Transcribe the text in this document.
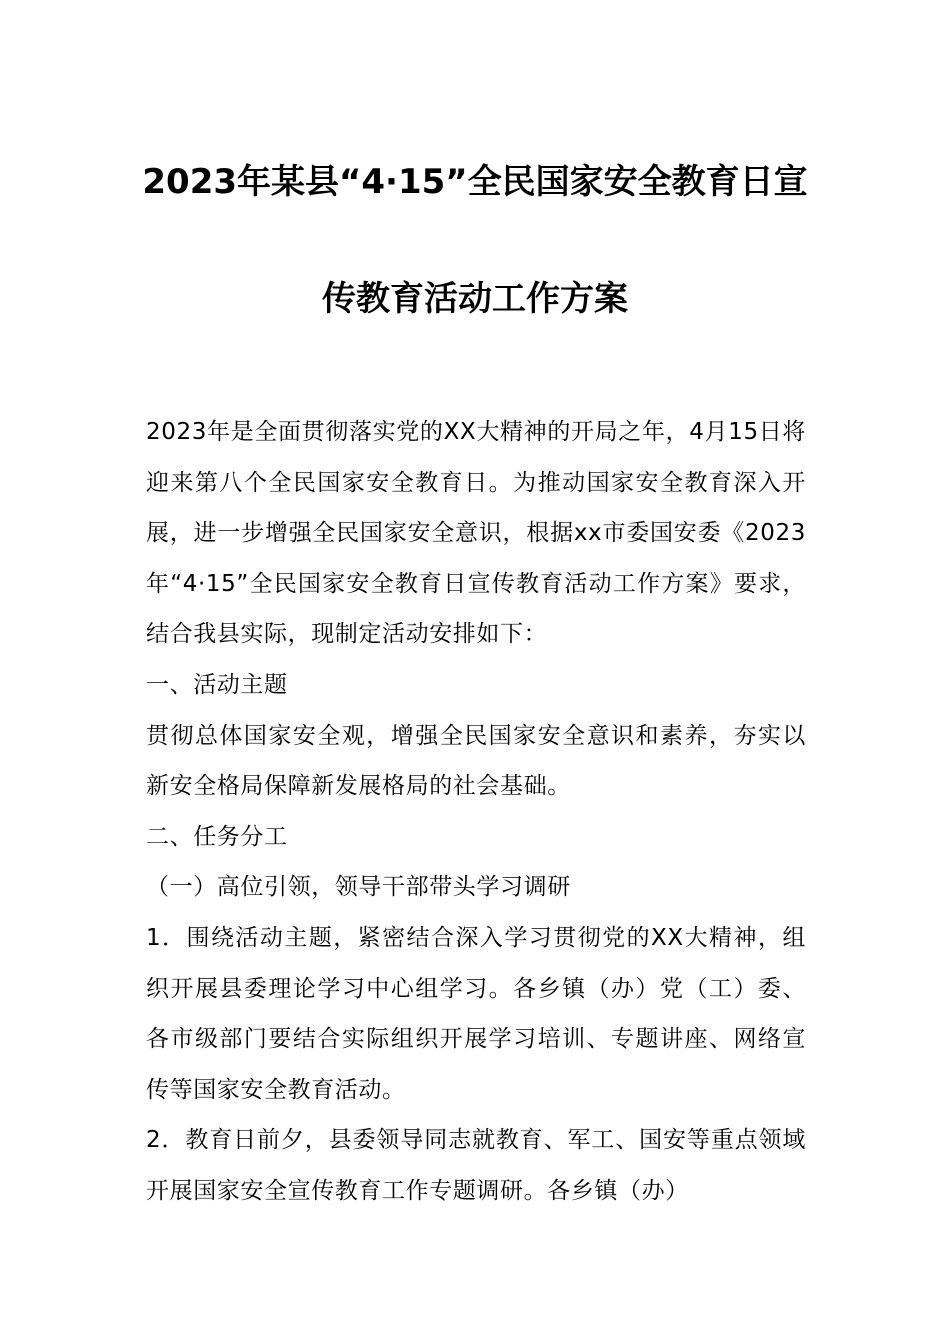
2023年某县“4·15”全民国家安全教育日宣
传教育活动工作方案

2023年是全面贯彻落实党的XX大精神的开局之年，4月15日将迎来第八个全民国家安全教育日。为推动国家安全教育深入开展，进一步增强全民国家安全意识，根据xx市委国安委《2023年“4·15”全民国家安全教育日宣传教育活动工作方案》要求，结合我县实际，现制定活动安排如下：

一、活动主题

贯彻总体国家安全观，增强全民国家安全意识和素养，夯实以新安全格局保障新发展格局的社会基础。

二、任务分工

（一）高位引领，领导干部带头学习调研

1．围绕活动主题，紧密结合深入学习贯彻党的XX大精神，组织开展县委理论学习中心组学习。各乡镇（办）党（工）委、各市级部门要结合实际组织开展学习培训、专题讲座、网络宣传等国家安全教育活动。

2．教育日前夕，县委领导同志就教育、军工、国安等重点领域开展国家安全宣传教育工作专题调研。各乡镇（办）
